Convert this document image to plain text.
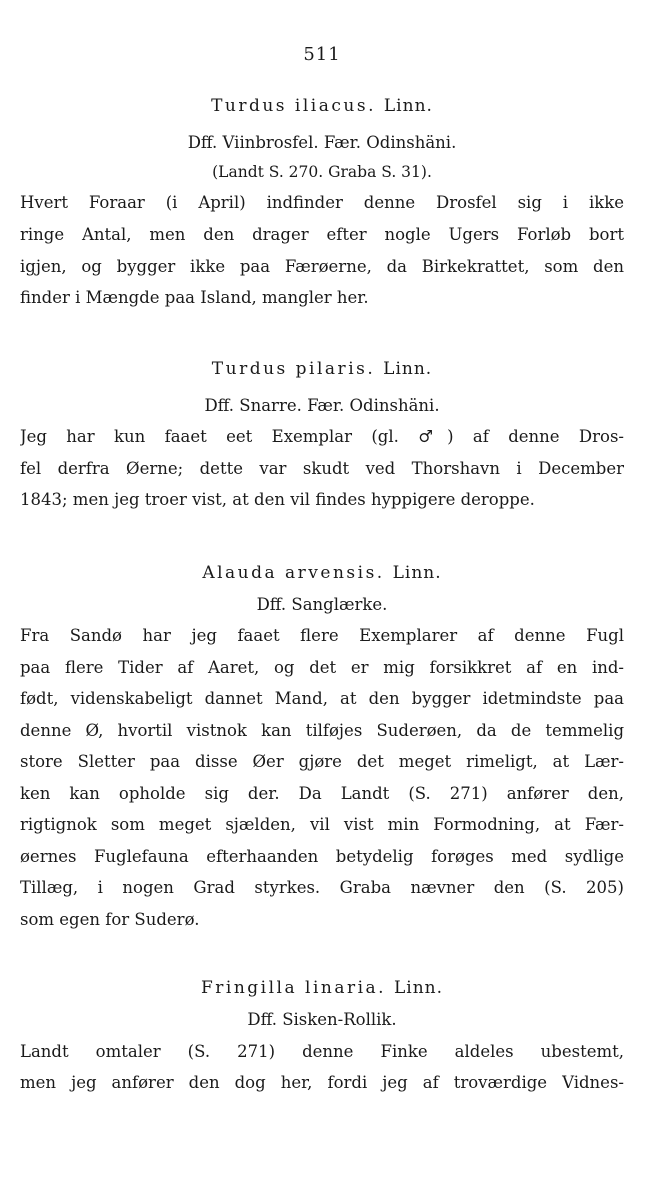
511
Turdus iliacus. Linn.
Dff. Viinbrosfel. Fær. Odinshäni.
(Landt S. 270. Graba S. 31).
Hvert Foraar (i April) indfinder denne Drosfel sig i ikke
ringe Antal, men den drager efter nogle Ugers Forløb bort
igjen, og bygger ikke paa Færøerne, da Birkekrattet, som den
finder i Mængde paa Island, mangler her.
Turdus pilaris. Linn.
Dff. Snarre. Fær. Odinshäni.
Jeg har kun faaet eet Exemplar (gl. ♂) af denne Dros-
fel derfra Øerne; dette var skudt ved Thorshavn i December
1843; men jeg troer vist, at den vil findes hyppigere deroppe.
Alauda arvensis. Linn.
Dff. Sanglærke.
Fra Sandø har jeg faaet flere Exemplarer af denne Fugl
paa flere Tider af Aaret, og det er mig forsikkret af en ind-
født, videnskabeligt dannet Mand, at den bygger idetmindste paa
denne Ø, hvortil vistnok kan tilføjes Suderøen, da de temmelig
store Sletter paa disse Øer gjøre det meget rimeligt, at Lær-
ken kan opholde sig der. Da Landt (S. 271) anfører den,
rigtignok som meget sjælden, vil vist min Formodning, at Fær-
øernes Fuglefauna efterhaanden betydelig forøges med sydlige
Tillæg, i nogen Grad styrkes. Graba nævner den (S. 205)
som egen for Suderø.
Fringilla linaria. Linn.
Dff. Sisken-Rollik.
Landt omtaler (S. 271) denne Finke aldeles ubestemt,
men jeg anfører den dog her, fordi jeg af troværdige Vidnes-
